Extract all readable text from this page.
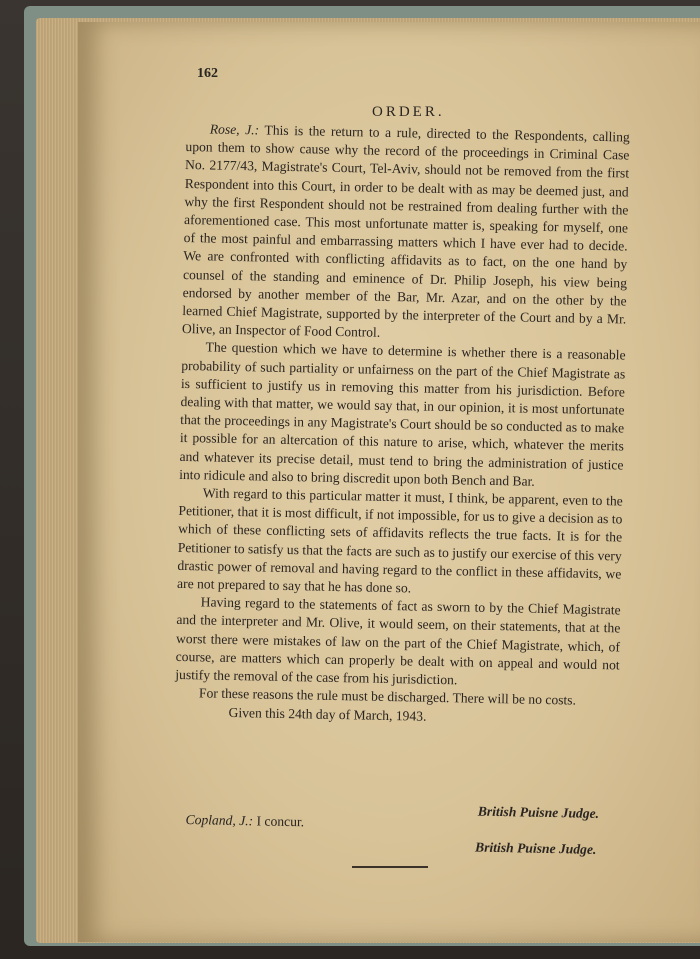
162
ORDER.

Rose, J.: This is the return to a rule, directed to the Respondents, calling upon them to show cause why the record of the proceedings in Criminal Case No. 2177/43, Magistrate's Court, Tel-Aviv, should not be removed from the first Respondent into this Court, in order to be dealt with as may be deemed just, and why the first Respondent should not be restrained from dealing further with the aforementioned case. This most unfortunate matter is, speaking for myself, one of the most painful and embarrassing matters which I have ever had to decide. We are confronted with conflicting affidavits as to fact, on the one hand by counsel of the standing and eminence of Dr. Philip Joseph, his view being endorsed by another member of the Bar, Mr. Azar, and on the other by the learned Chief Magistrate, supported by the interpreter of the Court and by a Mr. Olive, an Inspector of Food Control.

The question which we have to determine is whether there is a reasonable probability of such partiality or unfairness on the part of the Chief Magistrate as is sufficient to justify us in removing this matter from his jurisdiction. Before dealing with that matter, we would say that, in our opinion, it is most unfortunate that the proceedings in any Magistrate's Court should be so conducted as to make it possible for an altercation of this nature to arise, which, whatever the merits and whatever its precise detail, must tend to bring the administration of justice into ridicule and also to bring discredit upon both Bench and Bar.

With regard to this particular matter it must, I think, be apparent, even to the Petitioner, that it is most difficult, if not impossible, for us to give a decision as to which of these conflicting sets of affidavits reflects the true facts. It is for the Petitioner to satisfy us that the facts are such as to justify our exercise of this very drastic power of removal and having regard to the conflict in these affidavits, we are not prepared to say that he has done so.

Having regard to the statements of fact as sworn to by the Chief Magistrate and the interpreter and Mr. Olive, it would seem, on their statements, that at the worst there were mistakes of law on the part of the Chief Magistrate, which, of course, are matters which can properly be dealt with on appeal and would not justify the removal of the case from his jurisdiction.

For these reasons the rule must be discharged. There will be no costs.

Given this 24th day of March, 1943.

British Puisne Judge.
Copland, J.: I concur.
British Puisne Judge.
